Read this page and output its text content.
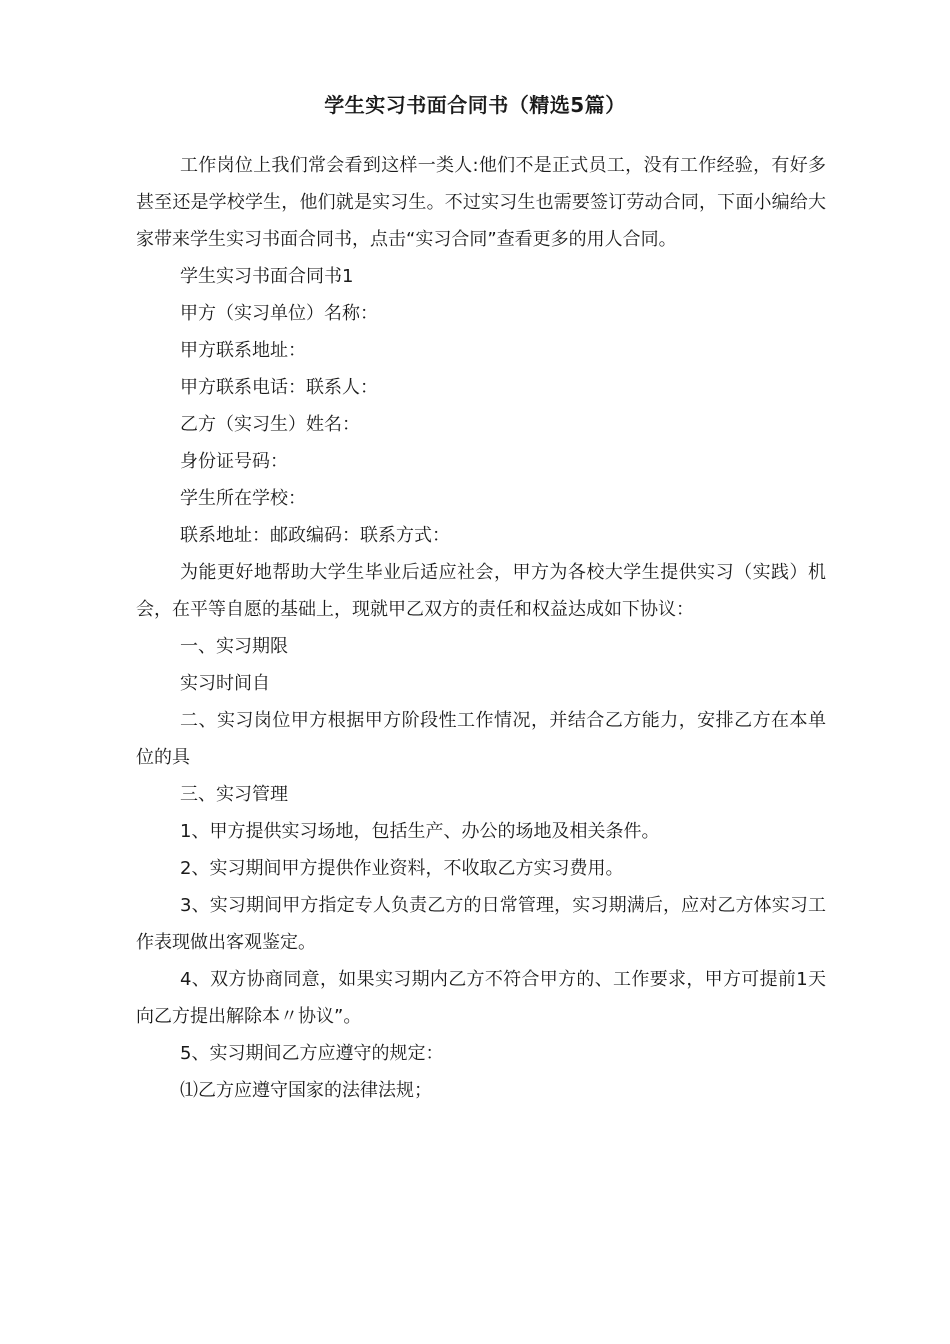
学生实习书面合同书（精选5篇）

工作岗位上我们常会看到这样一类人:他们不是正式员工，没有工作经验，有好多甚至还是学校学生，他们就是实习生。不过实习生也需要签订劳动合同，下面小编给大家带来学生实习书面合同书，点击“实习合同”查看更多的用人合同。

学生实习书面合同书1

甲方（实习单位）名称：

甲方联系地址：

甲方联系电话：联系人：

乙方（实习生）姓名：

身份证号码：

学生所在学校：

联系地址：邮政编码：联系方式：

为能更好地帮助大学生毕业后适应社会，甲方为各校大学生提供实习（实践）机会，在平等自愿的基础上，现就甲乙双方的责任和权益达成如下协议：

一、实习期限

实习时间自

二、实习岗位甲方根据甲方阶段性工作情况，并结合乙方能力，安排乙方在本单位的具

三、实习管理

1、甲方提供实习场地，包括生产、办公的场地及相关条件。

2、实习期间甲方提供作业资料，不收取乙方实习费用。

3、实习期间甲方指定专人负责乙方的日常管理，实习期满后，应对乙方体实习工作表现做出客观鉴定。

4、双方协商同意，如果实习期内乙方不符合甲方的、工作要求，甲方可提前1天向乙方提出解除本〃协议”。

5、实习期间乙方应遵守的规定：

⑴乙方应遵守国家的法律法规；
